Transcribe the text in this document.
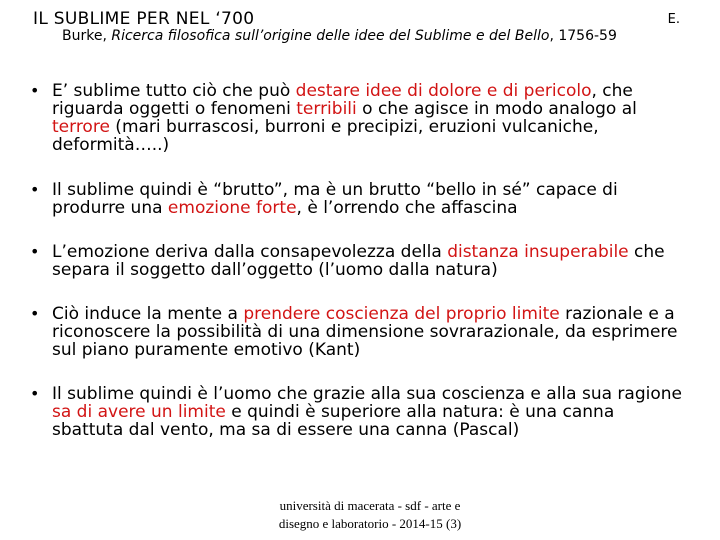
IL SUBLIME PER NEL ‘700	E.
Burke, Ricerca filosofica sull’origine delle idee del Sublime e del Bello, 1756-59
• E’ sublime tutto ciò che può destare idee di dolore e di pericolo, che riguarda oggetti o fenomeni terribili o che agisce in modo analogo al terrore (mari burrascosi, burroni e precipizi, eruzioni vulcaniche, deformità…..)
• Il sublime quindi è “brutto”, ma è un brutto “bello in sé” capace di produrre una emozione forte, è l’orrendo che affascina
• L’emozione deriva dalla consapevolezza della distanza insuperabile che separa il soggetto dall’oggetto (l’uomo dalla natura)
• Ciò induce la mente a prendere coscienza del proprio limite razionale e a riconoscere la possibilità di una dimensione sovrarazionale, da esprimere sul piano puramente emotivo (Kant)
• Il sublime quindi è l’uomo che grazie alla sua coscienza e alla sua ragione sa di avere un limite e quindi è superiore alla natura: è una canna sbattuta dal vento, ma sa di essere una canna (Pascal)
università di macerata - sdf - arte e
disegno e laboratorio - 2014-15 (3)
